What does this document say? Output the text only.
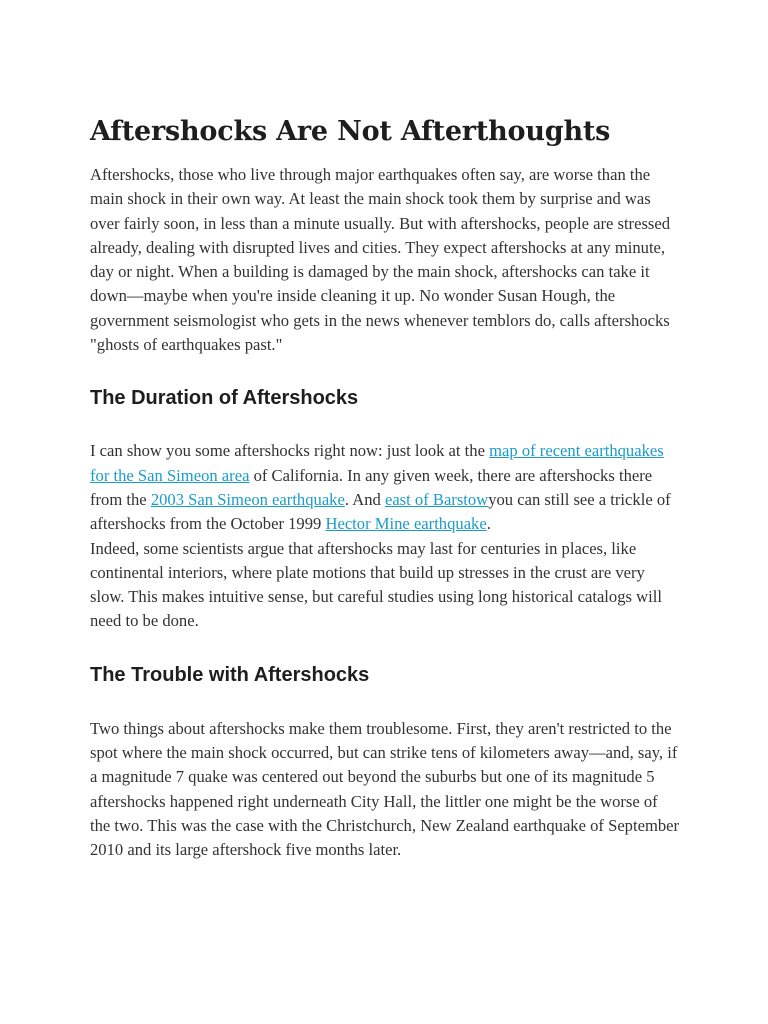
Aftershocks Are Not Afterthoughts

Aftershocks, those who live through major earthquakes often say, are worse than the main shock in their own way. At least the main shock took them by surprise and was over fairly soon, in less than a minute usually. But with aftershocks, people are stressed already, dealing with disrupted lives and cities. They expect aftershocks at any minute, day or night. When a building is damaged by the main shock, aftershocks can take it down—maybe when you're inside cleaning it up. No wonder Susan Hough, the government seismologist who gets in the news whenever temblors do, calls aftershocks "ghosts of earthquakes past."

The Duration of Aftershocks

I can show you some aftershocks right now: just look at the map of recent earthquakes for the San Simeon area of California. In any given week, there are aftershocks there from the 2003 San Simeon earthquake. And east of Barstowyou can still see a trickle of aftershocks from the October 1999 Hector Mine earthquake.

Indeed, some scientists argue that aftershocks may last for centuries in places, like continental interiors, where plate motions that build up stresses in the crust are very slow. This makes intuitive sense, but careful studies using long historical catalogs will need to be done.

The Trouble with Aftershocks

Two things about aftershocks make them troublesome. First, they aren't restricted to the spot where the main shock occurred, but can strike tens of kilometers away—and, say, if a magnitude 7 quake was centered out beyond the suburbs but one of its magnitude 5 aftershocks happened right underneath City Hall, the littler one might be the worse of the two. This was the case with the Christchurch, New Zealand earthquake of September 2010 and its large aftershock five months later.
